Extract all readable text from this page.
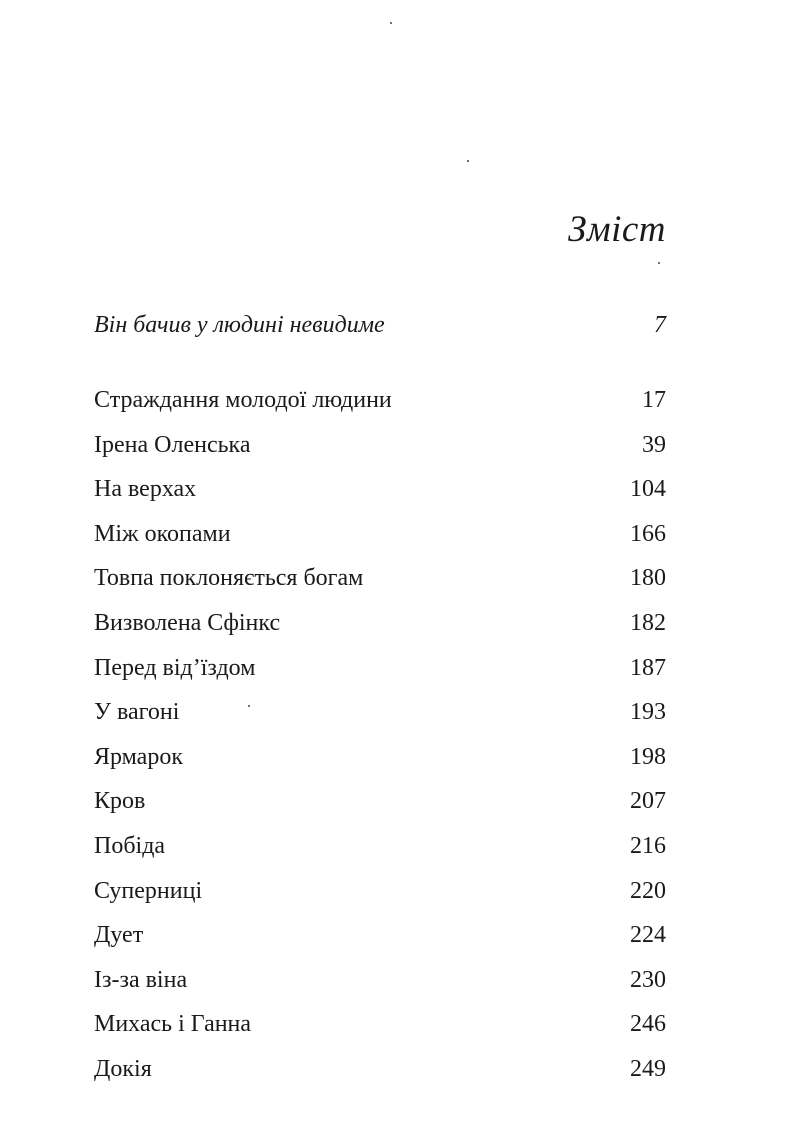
Зміст
Він бачив у людині невидиме	7
Страждання молодої людини	17
Ірена Оленська	39
На верхах	104
Між окопами	166
Товпа поклоняється богам	180
Визволена Сфінкс	182
Перед від’їздом	187
У вагоні	193
Ярмарок	198
Кров	207
Побіда	216
Суперниці	220
Дует	224
Із-за віна	230
Михась і Ганна	246
Докія	249
